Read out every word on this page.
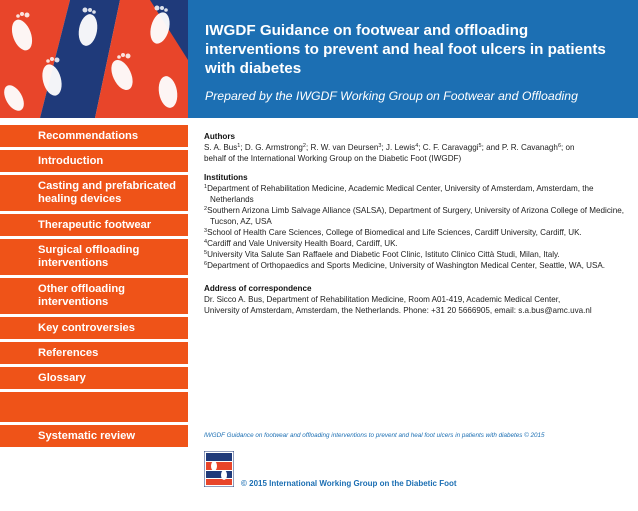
IWGDF Guidance on footwear and offloading interventions to prevent and heal foot ulcers in patients with diabetes
Prepared by the IWGDF Working Group on Footwear and Offloading
Recommendations
Introduction
Casting and prefabricated healing devices
Therapeutic footwear
Surgical offloading interventions
Other offloading interventions
Key controversies
References
Glossary
Systematic review
Authors
S. A. Bus$^1$; D. G. Armstrong$^2$; R. W. van Deursen$^3$; J. Lewis$^4$; C. F. Caravaggi$^5$; and P. R. Cavanagh$^6$; on
behalf of the International Working Group on the Diabetic Foot (IWGDF)
Institutions
$^1$Department of Rehabilitation Medicine, Academic Medical Center, University of Amsterdam, Amsterdam, the Netherlands
$^2$Southern Arizona Limb Salvage Alliance (SALSA), Department of Surgery, University of Arizona College of Medicine, Tucson, AZ, USA
$^3$School of Health Care Sciences, College of Biomedical and Life Sciences, Cardiff University, Cardiff, UK.
$^4$Cardiff and Vale University Health Board, Cardiff, UK.
$^5$University Vita Salute San Raffaele and Diabetic Foot Clinic, Istituto Clinico Città Studi, Milan, Italy.
$^6$Department of Orthopaedics and Sports Medicine, University of Washington Medical Center, Seattle, WA, USA.
Address of correspondence
Dr. Sicco A. Bus, Department of Rehabilitation Medicine, Room A01-419, Academic Medical Center,
University of Amsterdam, Amsterdam, the Netherlands. Phone: +31 20 5666905, email: s.a.bus@amc.uva.nl
IWGDF Guidance on footwear and offloading interventions to prevent and heal foot ulcers in patients with diabetes © 2015
© 2015 International Working Group on the Diabetic Foot
